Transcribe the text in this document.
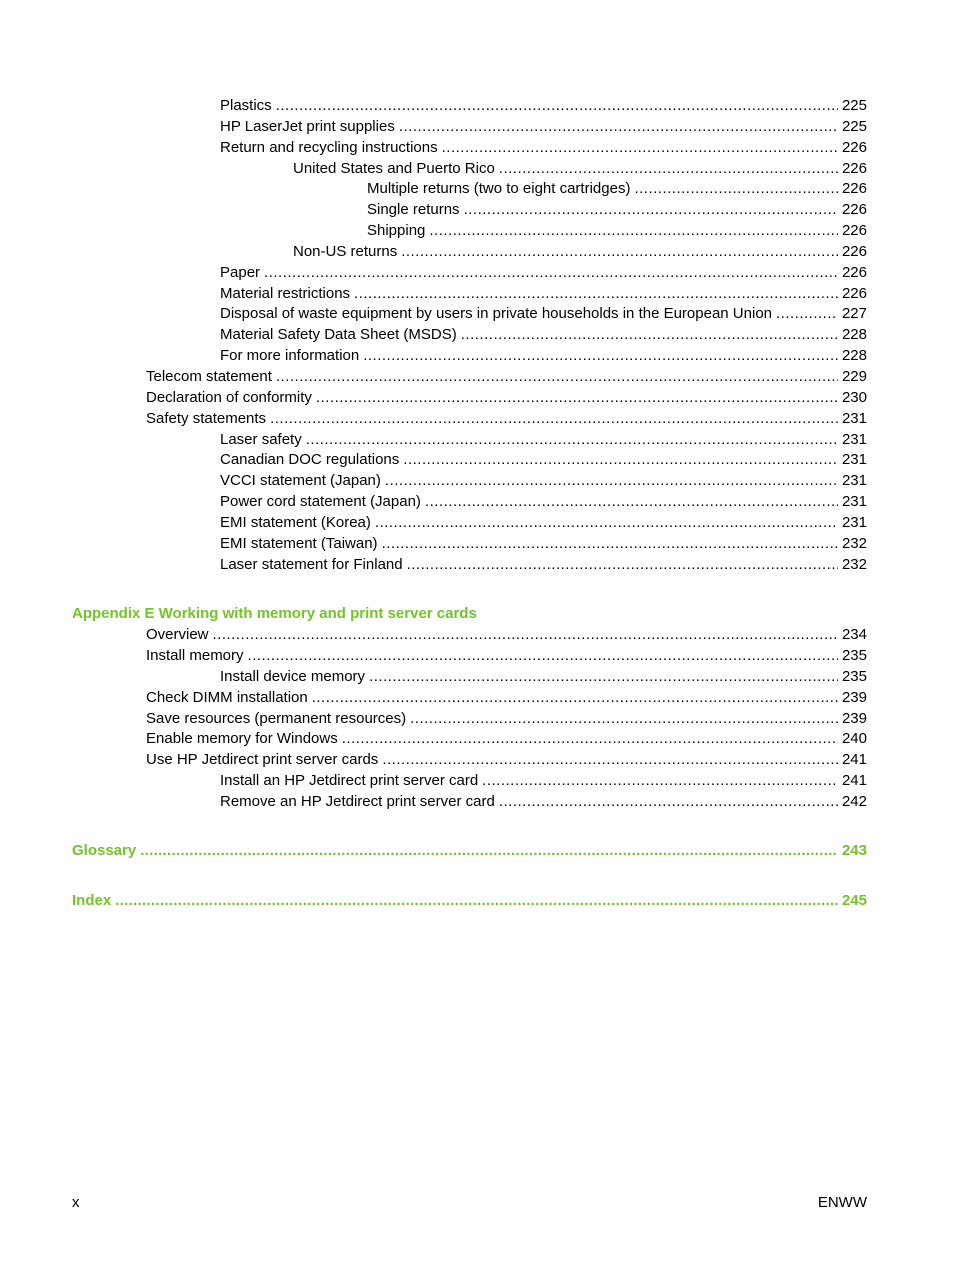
Plastics .....	225
HP LaserJet print supplies .....	225
Return and recycling instructions .....	226
United States and Puerto Rico .....	226
Multiple returns (two to eight cartridges) .....	226
Single returns .....	226
Shipping .....	226
Non-US returns .....	226
Paper .....	226
Material restrictions .....	226
Disposal of waste equipment by users in private households in the European Union .....	227
Material Safety Data Sheet (MSDS) .....	228
For more information .....	228
Telecom statement .....	229
Declaration of conformity .....	230
Safety statements .....	231
Laser safety .....	231
Canadian DOC regulations .....	231
VCCI statement (Japan) .....	231
Power cord statement (Japan) .....	231
EMI statement (Korea) .....	231
EMI statement (Taiwan) .....	232
Laser statement for Finland .....	232
Appendix E Working with memory and print server cards
Overview .....	234
Install memory .....	235
Install device memory .....	235
Check DIMM installation .....	239
Save resources (permanent resources) .....	239
Enable memory for Windows .....	240
Use HP Jetdirect print server cards .....	241
Install an HP Jetdirect print server card .....	241
Remove an HP Jetdirect print server card .....	242
Glossary .....	243
Index .....	245
x	ENWW
